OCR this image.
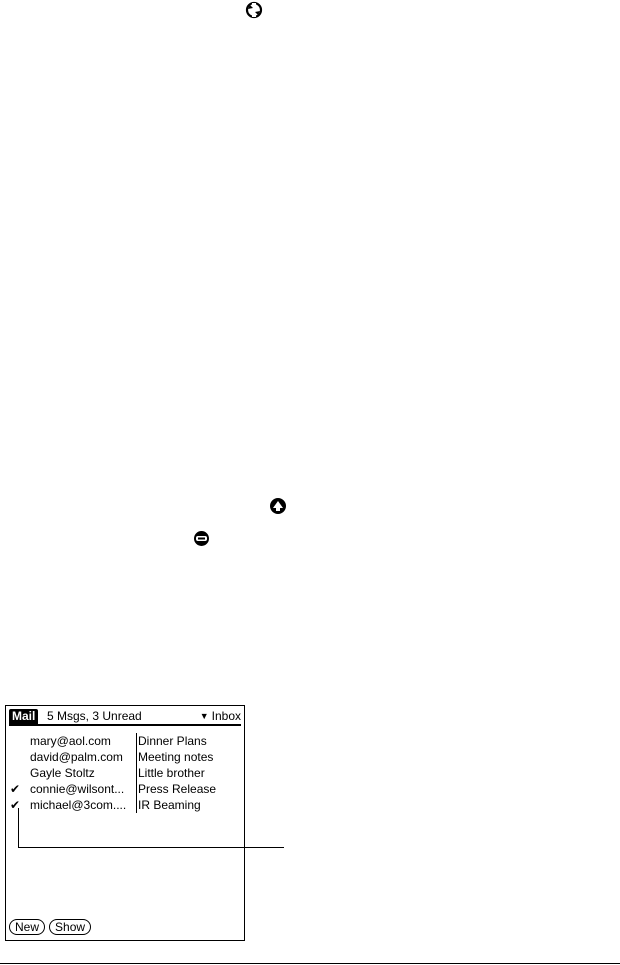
Mail 5 Msgs, 3 Unread	▼ Inbox
mary@aol.com	Dinner Plans
david@palm.com	Meeting notes
Gayle Stoltz	Little brother
✔ connie@wilsont...	Press Release
✔ michael@3com.... IR Beaming
New	Show
